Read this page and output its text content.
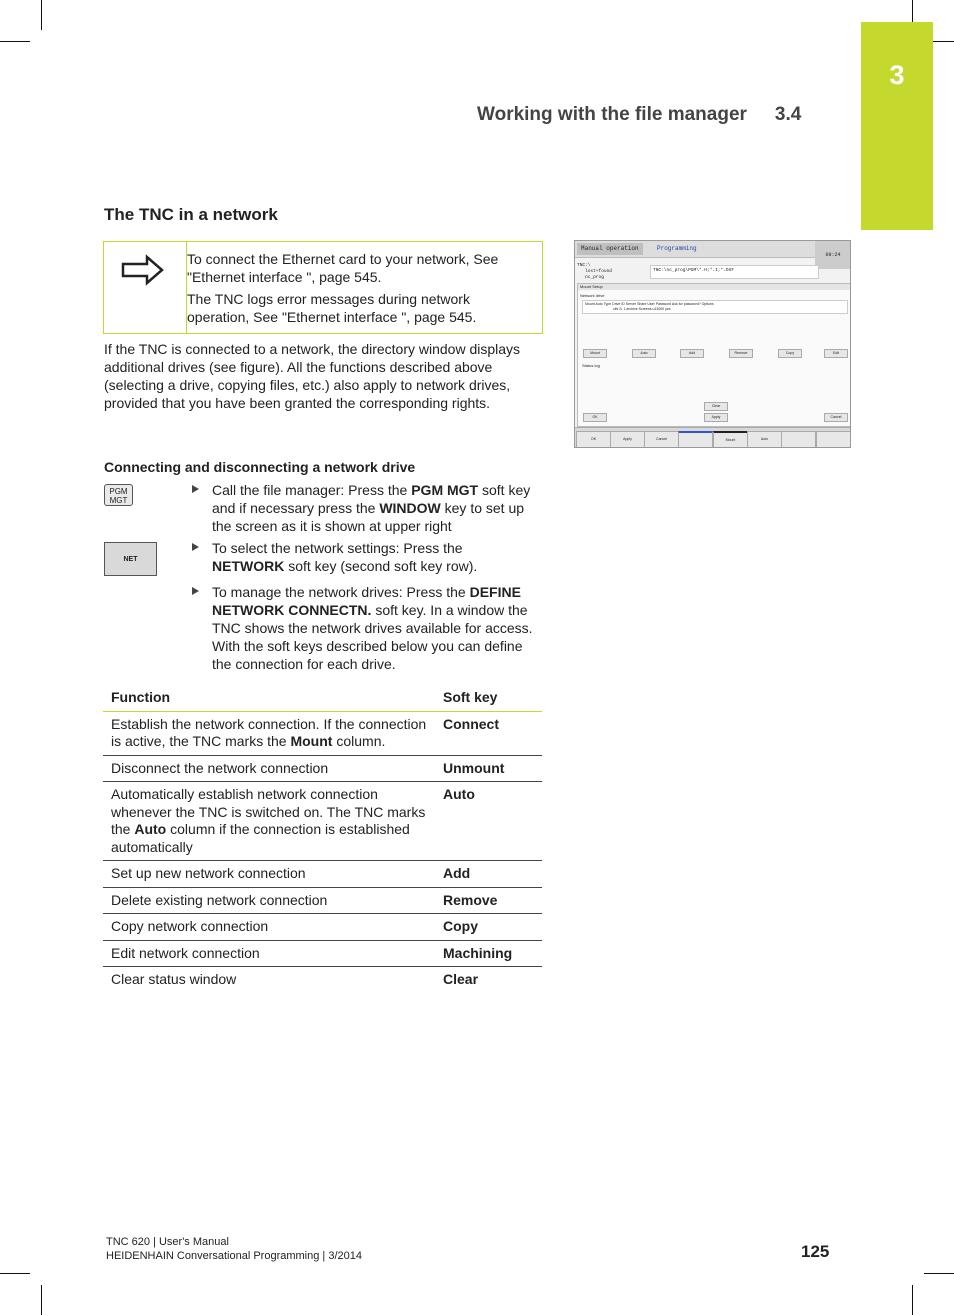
3
Working with the file manager 3.4
The TNC in a network

To connect the Ethernet card to your network, See "Ethernet interface ", page 545.

The TNC logs error messages during network operation, See "Ethernet interface ", page 545.

If the TNC is connected to a network, the directory window displays additional drives (see figure). All the functions described above (selecting a drive, copying files, etc.) also apply to network drives, provided that you have been granted the corresponding rights.
Manual operation	Programming
09:24
TNC:\
lost+found
nc_prog
TNC:\nc_prog\PGM\*.H;*.I;*.DXF
Mount Setup
Network drive
Mount Auto Type Drive ID Server Share User Password Ask for password? Options
cifs S: 1 archive Screens u13000 yes
Mount	Auto	Add	Remove	Copy	Edit
Status log
Clear
OK	Apply	Cancel
OK	Apply	Cancel	Mount	Auto
Connecting and disconnecting a network drive
PGM MGT
NET
Call the file manager: Press the PGM MGT soft key and if necessary press the WINDOW key to set up the screen as it is shown at upper right
To select the network settings: Press the NETWORK soft key (second soft key row).
To manage the network drives: Press the DEFINE NETWORK CONNECTN. soft key. In a window the TNC shows the network drives available for access. With the soft keys described below you can define the connection for each drive.
Function	Soft key
Establish the network connection. If the connection is active, the TNC marks the Mount column.	Connect
Disconnect the network connection	Unmount
Automatically establish network connection whenever the TNC is switched on. The TNC marks the Auto column if the connection is established automatically	Auto
Set up new network connection	Add
Delete existing network connection	Remove
Copy network connection	Copy
Edit network connection	Machining
Clear status window	Clear
TNC 620 | User's Manual
HEIDENHAIN Conversational Programming | 3/2014	125
